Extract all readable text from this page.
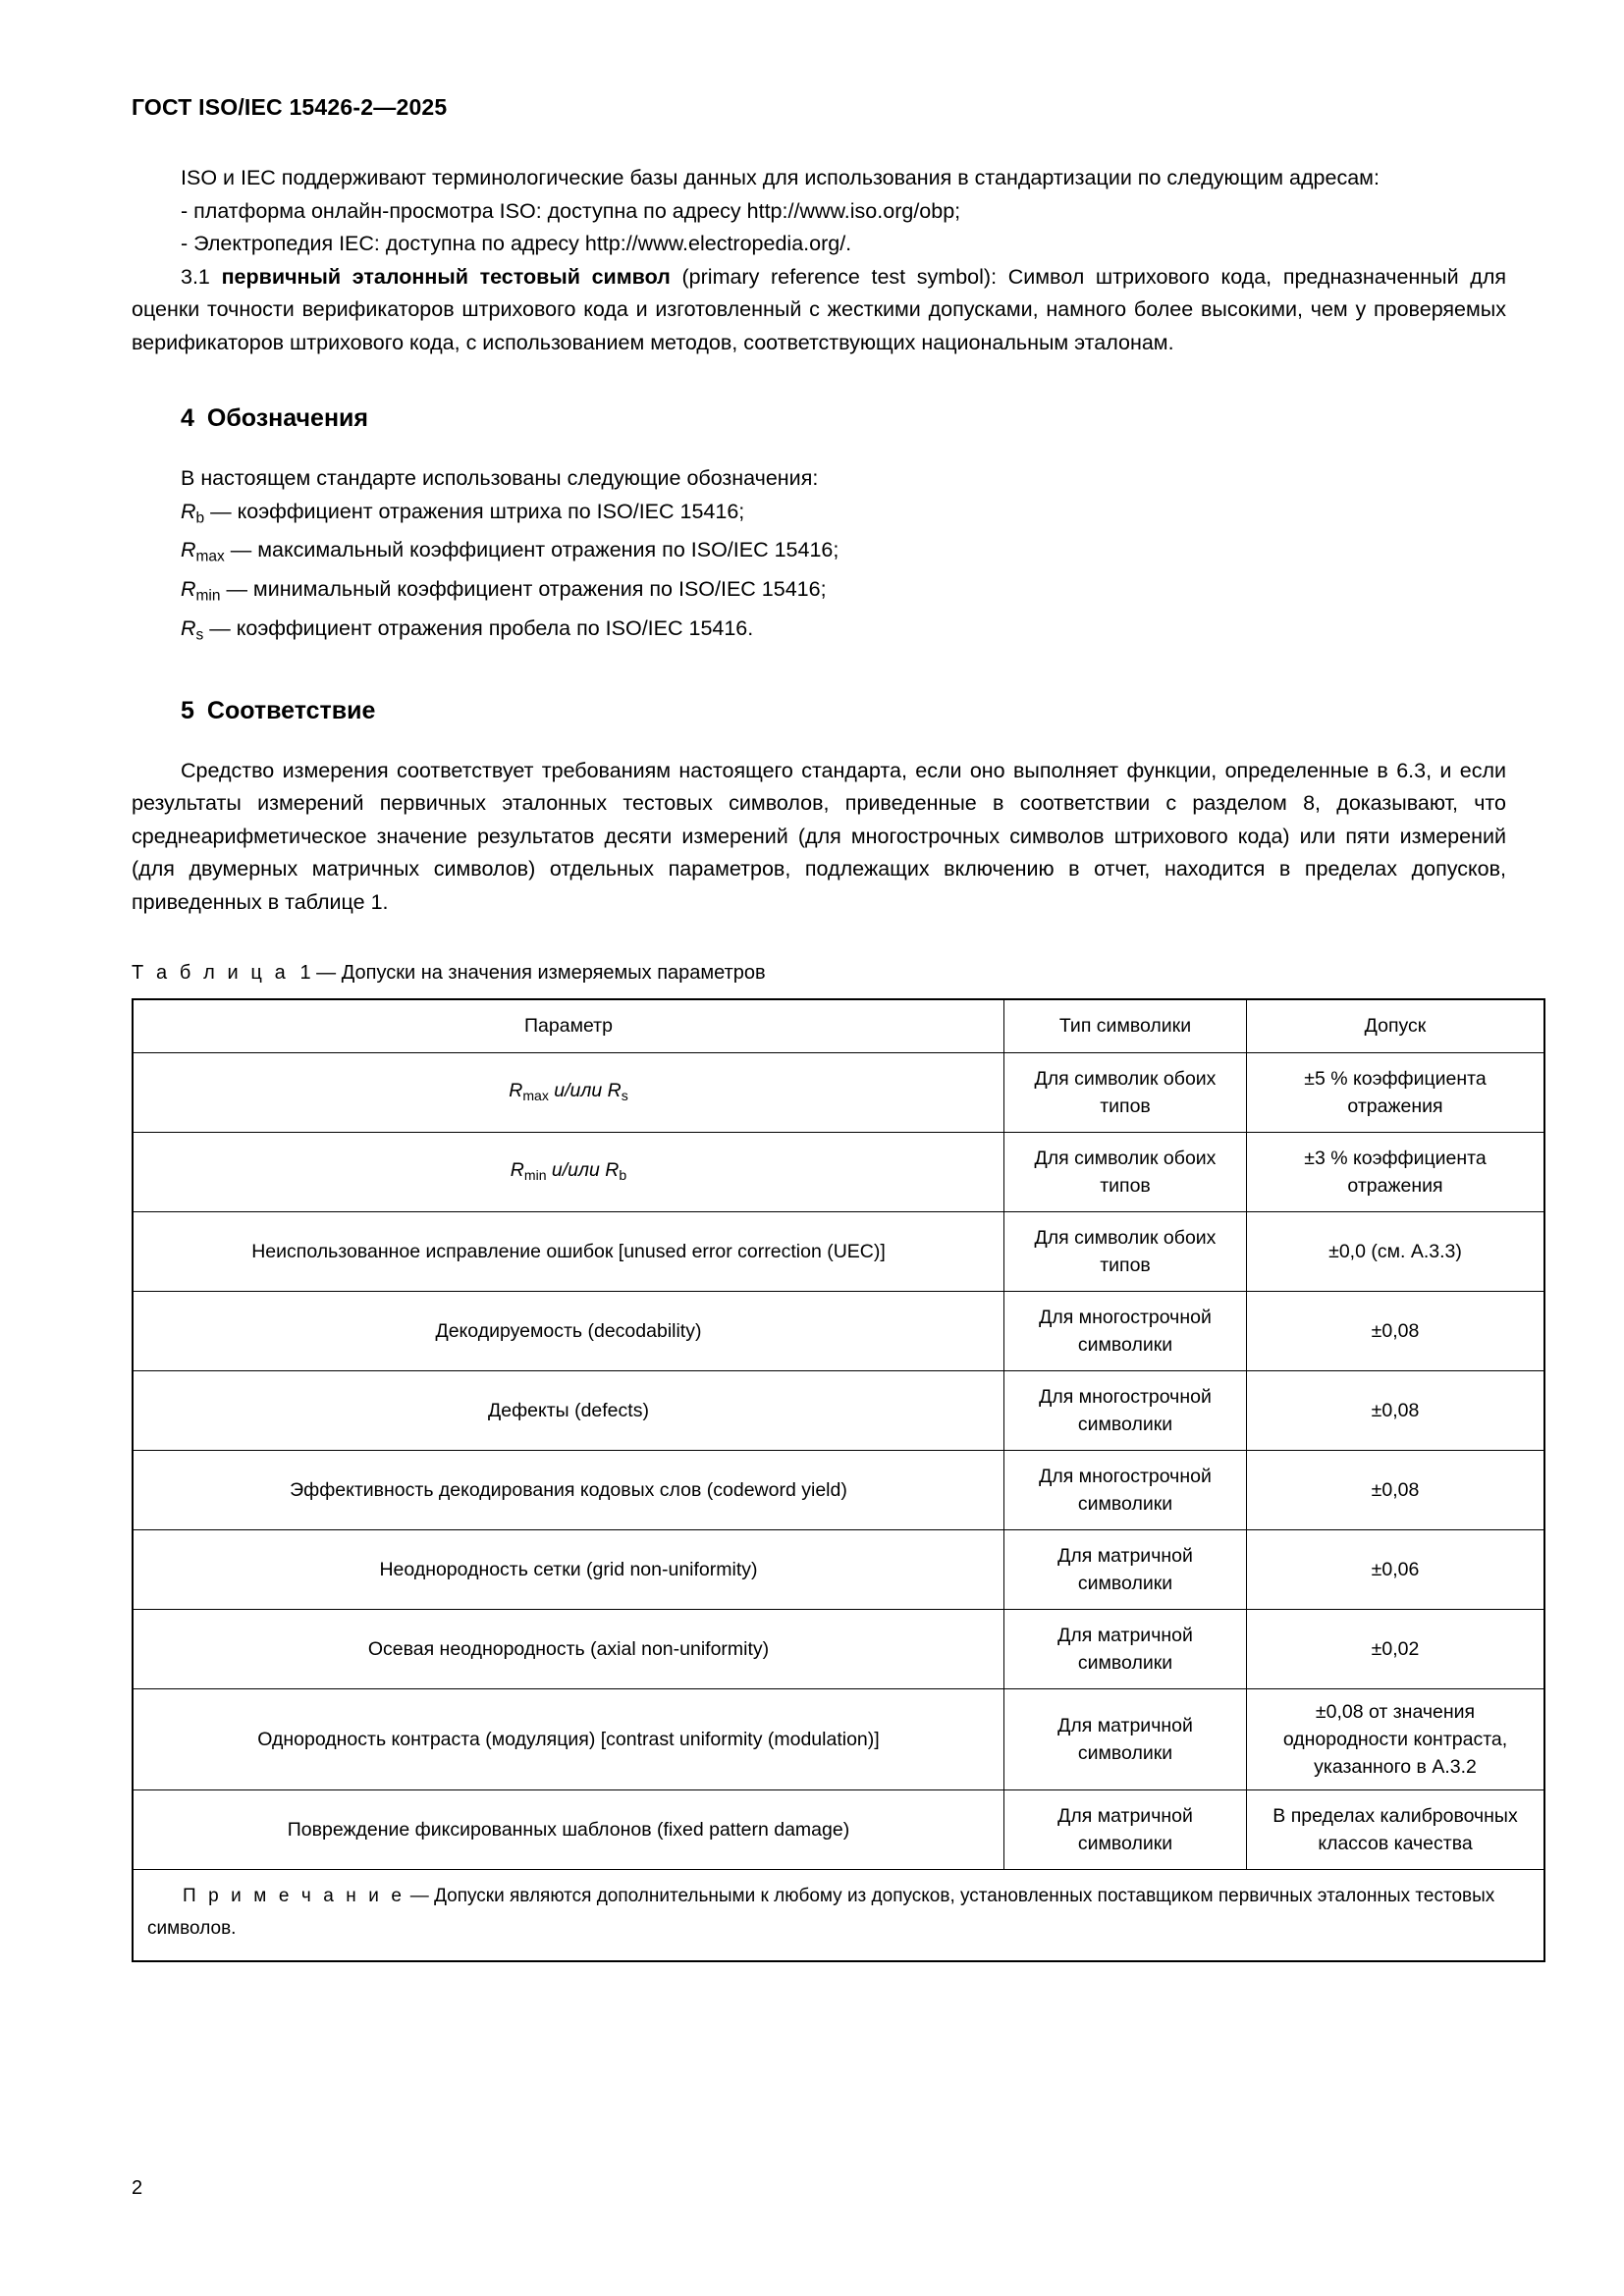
ГОСТ ISO/IEC 15426-2—2025

ISO и IEC поддерживают терминологические базы данных для использования в стандартизации по следующим адресам:

- платформа онлайн-просмотра ISO: доступна по адресу http://www.iso.org/obp;
- Электропедия IEC: доступна по адресу http://www.electropedia.org/.

3.1 первичный эталонный тестовый символ (primary reference test symbol): Символ штрихового кода, предназначенный для оценки точности верификаторов штрихового кода и изготовленный с жесткими допусками, намного более высокими, чем у проверяемых верификаторов штрихового кода, с использованием методов, соответствующих национальным эталонам.

4 Обозначения
В настоящем стандарте использованы следующие обозначения:
$R_b$ — коэффициент отражения штриха по ISO/IEC 15416;
$R_{max}$ — максимальный коэффициент отражения по ISO/IEC 15416;
$R_{min}$ — минимальный коэффициент отражения по ISO/IEC 15416;
$R_s$ — коэффициент отражения пробела по ISO/IEC 15416.
5 Соответствие

Средство измерения соответствует требованиям настоящего стандарта, если оно выполняет функции, определенные в 6.3, и если результаты измерений первичных эталонных тестовых символов, приведенные в соответствии с разделом 8, доказывают, что среднеарифметическое значение результатов десяти измерений (для многострочных символов штрихового кода) или пяти измерений (для двумерных матричных символов) отдельных параметров, подлежащих включению в отчет, находится в пределах допусков, приведенных в таблице 1.

Т а б л и ц а 1 — Допуски на значения измеряемых параметров
Параметр	Тип символики	Допуск
$R_{max}$ и/или $R_s$	Для символик обоих типов	±5 % коэффициента отражения
$R_{min}$ и/или $R_b$	Для символик обоих типов	±3 % коэффициента отражения
Неиспользованное исправление ошибок [unused error correction (UEC)]	Для символик обоих типов	±0,0 (см. А.3.3)
Декодируемость (decodability)	Для многострочной символики	±0,08
Дефекты (defects)	Для многострочной символики	±0,08
Эффективность декодирования кодовых слов (codeword yield)	Для многострочной символики	±0,08
Неоднородность сетки (grid non-uniformity)	Для матричной символики	±0,06
Осевая неоднородность (axial non-uniformity)	Для матричной символики	±0,02
Однородность контраста (модуляция) [contrast uniformity (modulation)]	Для матричной символики	±0,08 от значения однородности контраста, указанного в А.3.2
Повреждение фиксированных шаблонов (fixed pattern damage)	Для матричной символики	В пределах калибровочных классов качества
П р и м е ч а н и е — Допуски являются дополнительными к любому из допусков, установленных поставщиком первичных эталонных тестовых символов.		
2
